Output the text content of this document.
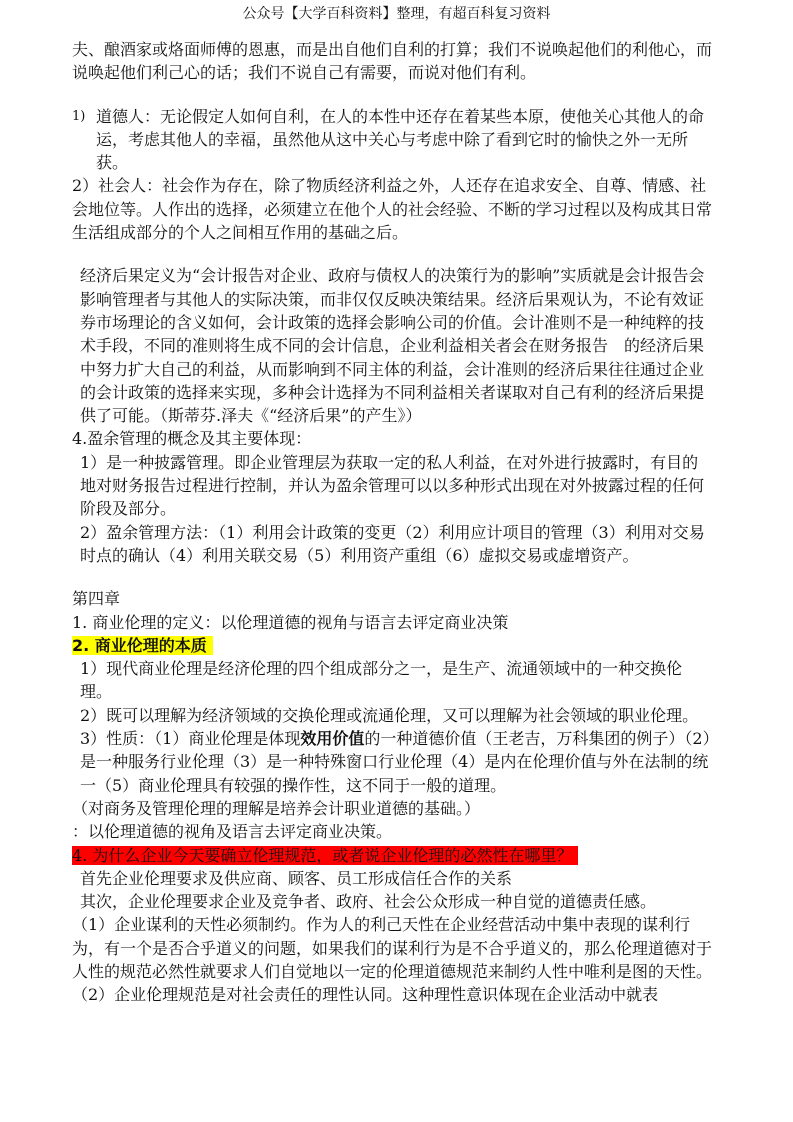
公众号【大学百科资料】整理，有超百科复习资料

夫、酿酒家或烙面师傅的恩惠，而是出自他们自利的打算；我们不说唤起他们的利他心，而说唤起他们利己心的话；我们不说自己有需要，而说对他们有利。

1) 道德人：无论假定人如何自利，在人的本性中还存在着某些本原，使他关心其他人的命运，考虑其他人的幸福，虽然他从这中关心与考虑中除了看到它时的愉快之外一无所获。

2）社会人：社会作为存在，除了物质经济利益之外，人还存在追求安全、自尊、情感、社会地位等。人作出的选择，必须建立在他个人的社会经验、不断的学习过程以及构成其日常生活组成部分的个人之间相互作用的基础之后。

经济后果定义为“会计报告对企业、政府与债权人的决策行为的影响”实质就是会计报告会影响管理者与其他人的实际决策，而非仅仅反映决策结果。经济后果观认为，不论有效证券市场理论的含义如何，会计政策的选择会影响公司的价值。会计准则不是一种纯粹的技术手段，不同的准则将生成不同的会计信息，企业利益相关者会在财务报告　的经济后果中努力扩大自己的利益，从而影响到不同主体的利益，会计准则的经济后果往往通过企业的会计政策的选择来实现，多种会计选择为不同利益相关者谋取对自己有利的经济后果提供了可能。（斯蒂芬.泽夫《“经济后果”的产生》）

4.盈余管理的概念及其主要体现：

1）是一种披露管理。即企业管理层为获取一定的私人利益，在对外进行披露时，有目的地对财务报告过程进行控制，并认为盈余管理可以以多种形式出现在对外披露过程的任何阶段及部分。

2）盈余管理方法：（1）利用会计政策的变更（2）利用应计项目的管理（3）利用对交易时点的确认（4）利用关联交易（5）利用资产重组（6）虚拟交易或虚增资产。

第四章

1. 商业伦理的定义：以伦理道德的视角与语言去评定商业决策

2. 商业伦理的本质

1）现代商业伦理是经济伦理的四个组成部分之一，是生产、流通领域中的一种交换伦理。

2）既可以理解为经济领域的交换伦理或流通伦理，又可以理解为社会领域的职业伦理。

3）性质：（1）商业伦理是体现效用价值的一种道德价值（王老吉，万科集团的例子）（2）是一种服务行业伦理（3）是一种特殊窗口行业伦理（4）是内在伦理价值与外在法制的统一（5）商业伦理具有较强的操作性，这不同于一般的道理。

（对商务及管理伦理的理解是培养会计职业道德的基础。）

：以伦理道德的视角及语言去评定商业决策。

4. 为什么企业今天要确立伦理规范，或者说企业伦理的必然性在哪里？

首先企业伦理要求及供应商、顾客、员工形成信任合作的关系

其次，企业伦理要求企业及竞争者、政府、社会公众形成一种自觉的道德责任感。

（1）企业谋利的天性必须制约。作为人的利己天性在企业经营活动中集中表现的谋利行为，有一个是否合乎道义的问题，如果我们的谋利行为是不合乎道义的，那么伦理道德对于人性的规范必然性就要求人们自觉地以一定的伦理道德规范来制约人性中唯利是图的天性。

（2）企业伦理规范是对社会责任的理性认同。这种理性意识体现在企业活动中就表
